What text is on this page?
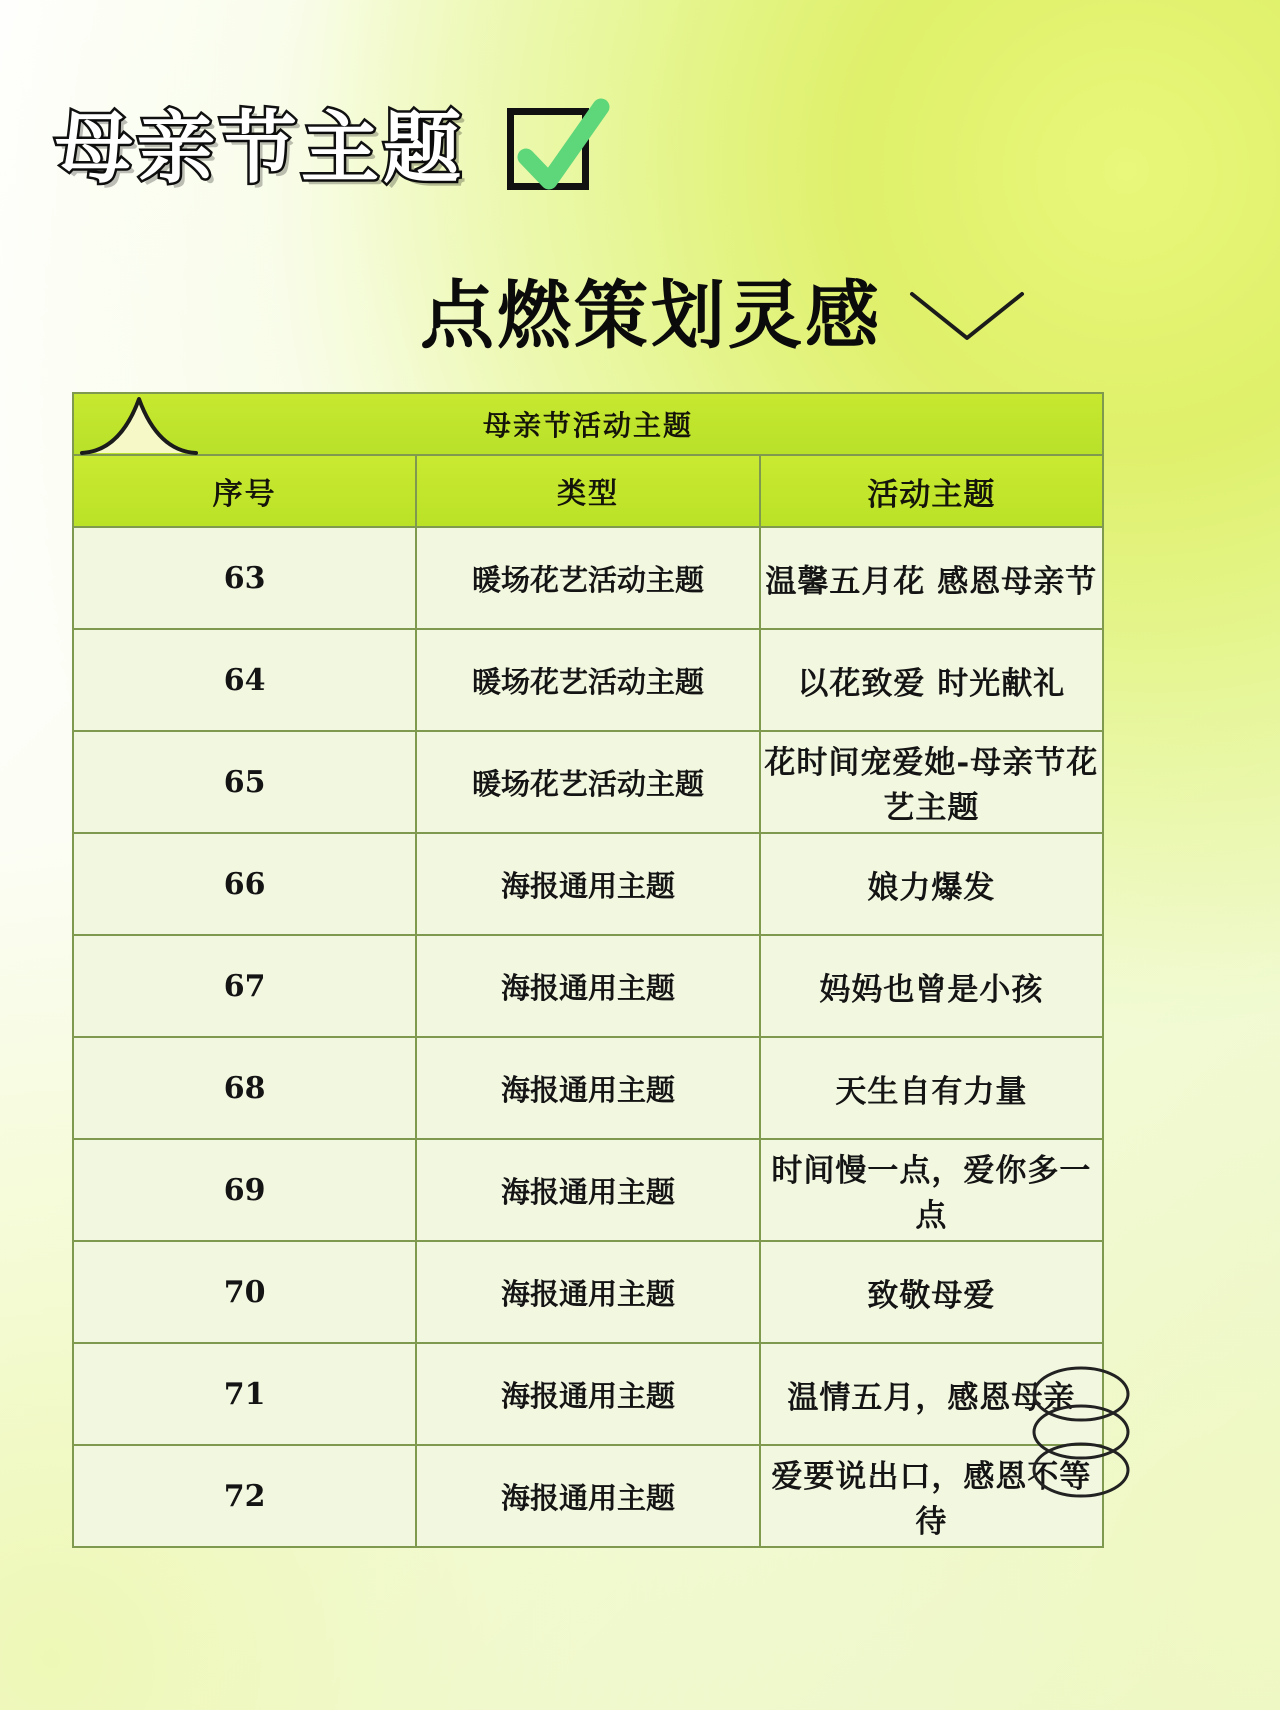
母亲节主题
点燃策划灵感
母亲节活动主题		
序号	类型	活动主题
63	暖场花艺活动主题	温馨五月花 感恩母亲节
64	暖场花艺活动主题	以花致爱 时光献礼
65	暖场花艺活动主题	花时间宠爱她-母亲节花艺主题
66	海报通用主题	娘力爆发
67	海报通用主题	妈妈也曾是小孩
68	海报通用主题	天生自有力量
69	海报通用主题	时间慢一点，爱你多一点
70	海报通用主题	致敬母爱
71	海报通用主题	温情五月，感恩母亲
72	海报通用主题	爱要说出口，感恩不等待
